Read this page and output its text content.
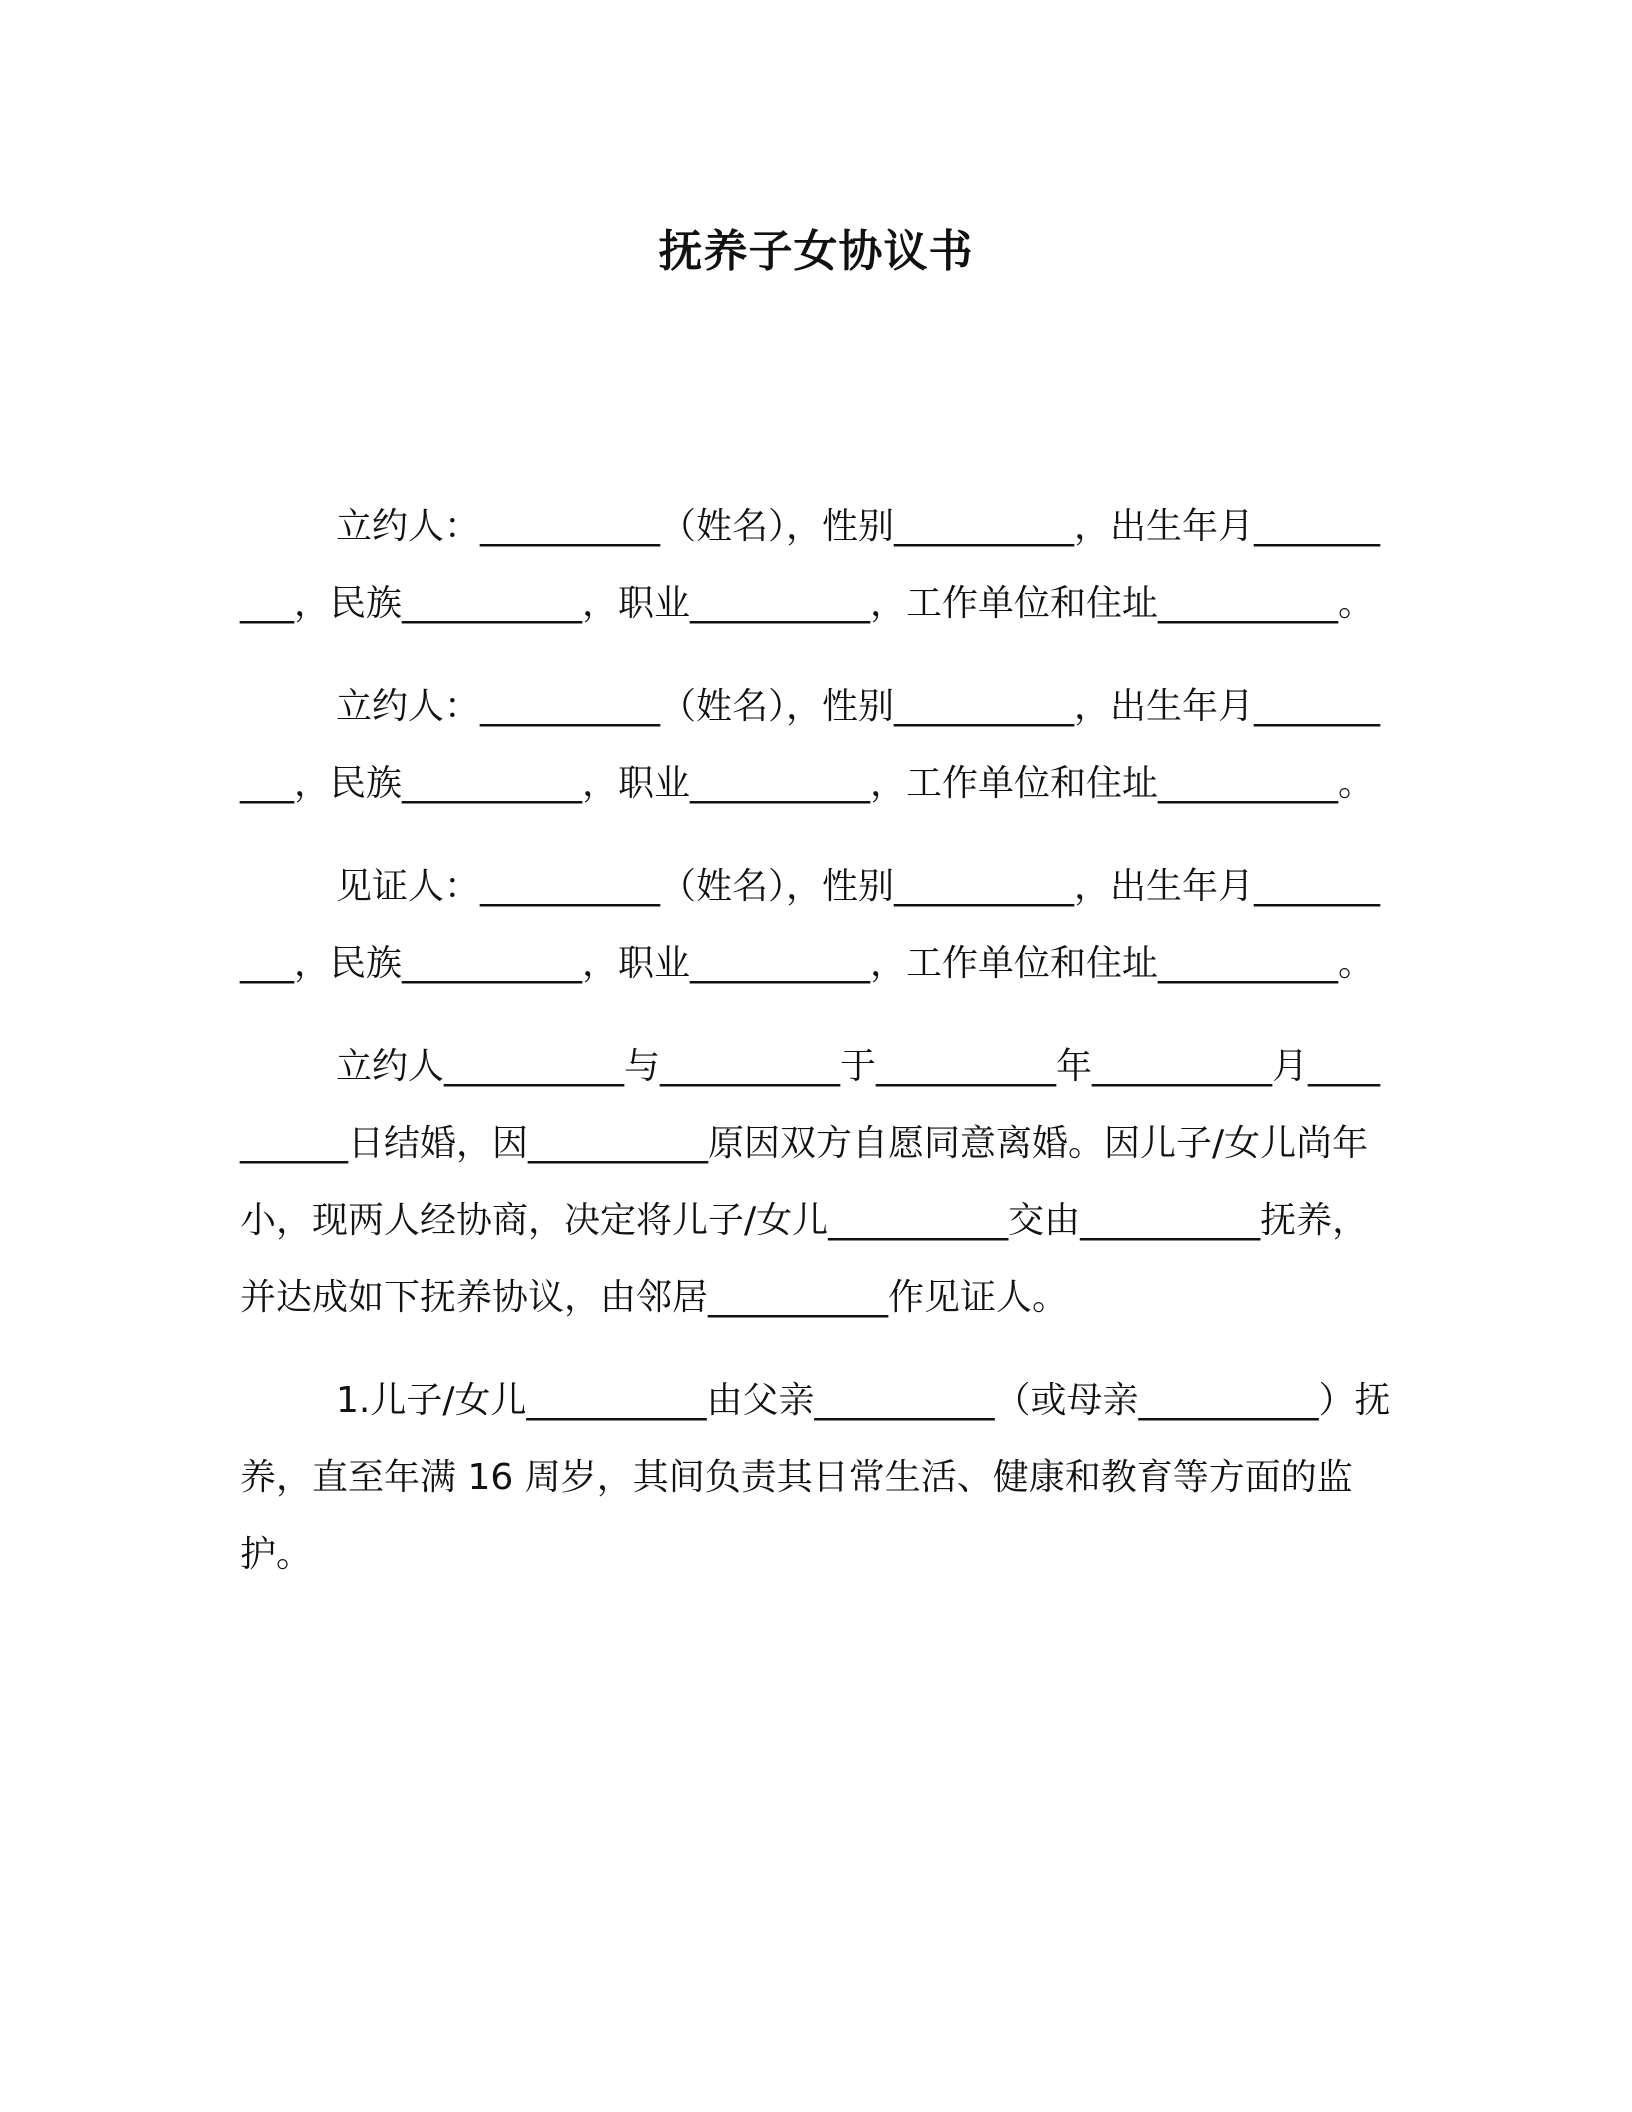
抚养子女协议书

立约人：__________（姓名），性别__________，出生年月__________，民族__________，职业__________，工作单位和住址__________。

立约人：__________（姓名），性别__________，出生年月__________，民族__________，职业__________，工作单位和住址__________。

见证人：__________（姓名），性别__________，出生年月__________，民族__________，职业__________，工作单位和住址__________。

立约人__________与__________于__________年__________月__________日结婚，因__________原因双方自愿同意离婚。因儿子/女儿尚年小，现两人经协商，决定将儿子/女儿__________交由__________抚养，并达成如下抚养协议，由邻居__________作见证人。

1.儿子/女儿__________由父亲__________（或母亲__________）抚养，直至年满 16 周岁，其间负责其日常生活、健康和教育等方面的监护。
